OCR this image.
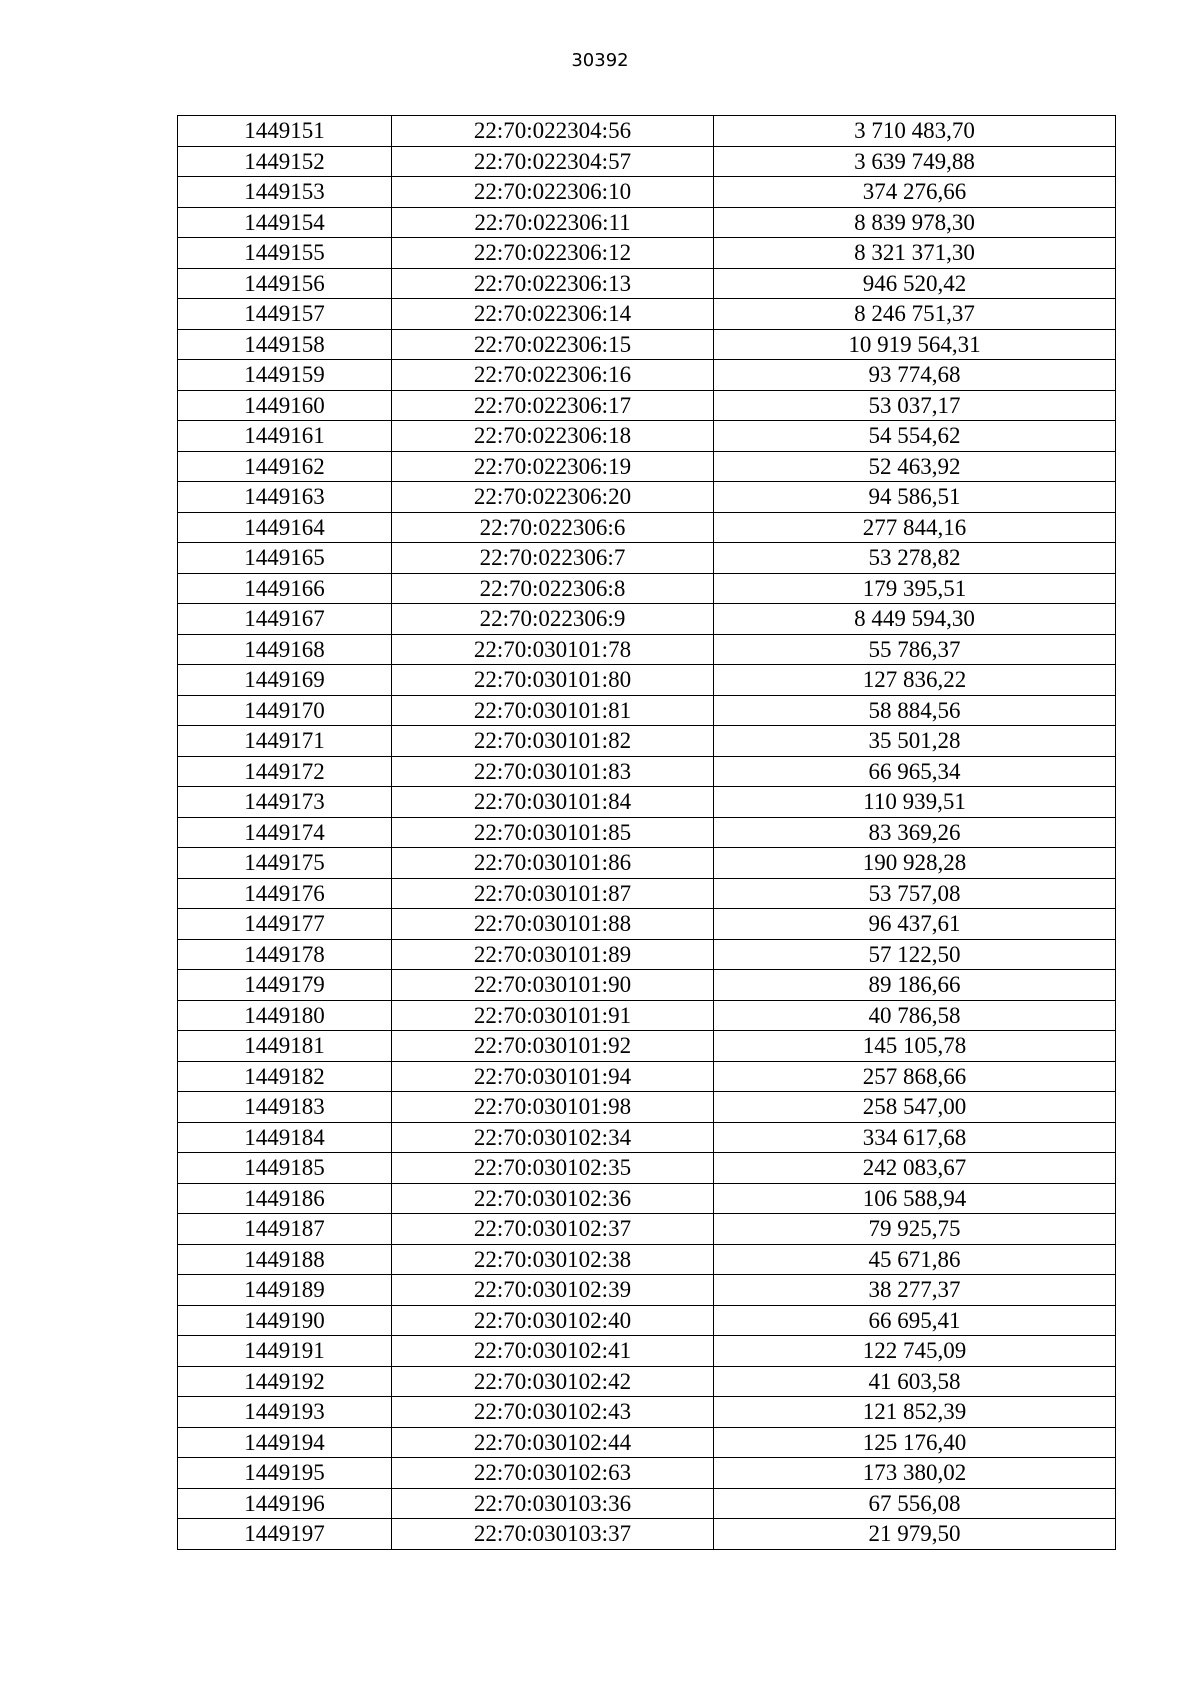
30392
1449151	22:70:022304:56	3 710 483,70
1449152	22:70:022304:57	3 639 749,88
1449153	22:70:022306:10	374 276,66
1449154	22:70:022306:11	8 839 978,30
1449155	22:70:022306:12	8 321 371,30
1449156	22:70:022306:13	946 520,42
1449157	22:70:022306:14	8 246 751,37
1449158	22:70:022306:15	10 919 564,31
1449159	22:70:022306:16	93 774,68
1449160	22:70:022306:17	53 037,17
1449161	22:70:022306:18	54 554,62
1449162	22:70:022306:19	52 463,92
1449163	22:70:022306:20	94 586,51
1449164	22:70:022306:6	277 844,16
1449165	22:70:022306:7	53 278,82
1449166	22:70:022306:8	179 395,51
1449167	22:70:022306:9	8 449 594,30
1449168	22:70:030101:78	55 786,37
1449169	22:70:030101:80	127 836,22
1449170	22:70:030101:81	58 884,56
1449171	22:70:030101:82	35 501,28
1449172	22:70:030101:83	66 965,34
1449173	22:70:030101:84	110 939,51
1449174	22:70:030101:85	83 369,26
1449175	22:70:030101:86	190 928,28
1449176	22:70:030101:87	53 757,08
1449177	22:70:030101:88	96 437,61
1449178	22:70:030101:89	57 122,50
1449179	22:70:030101:90	89 186,66
1449180	22:70:030101:91	40 786,58
1449181	22:70:030101:92	145 105,78
1449182	22:70:030101:94	257 868,66
1449183	22:70:030101:98	258 547,00
1449184	22:70:030102:34	334 617,68
1449185	22:70:030102:35	242 083,67
1449186	22:70:030102:36	106 588,94
1449187	22:70:030102:37	79 925,75
1449188	22:70:030102:38	45 671,86
1449189	22:70:030102:39	38 277,37
1449190	22:70:030102:40	66 695,41
1449191	22:70:030102:41	122 745,09
1449192	22:70:030102:42	41 603,58
1449193	22:70:030102:43	121 852,39
1449194	22:70:030102:44	125 176,40
1449195	22:70:030102:63	173 380,02
1449196	22:70:030103:36	67 556,08
1449197	22:70:030103:37	21 979,50
